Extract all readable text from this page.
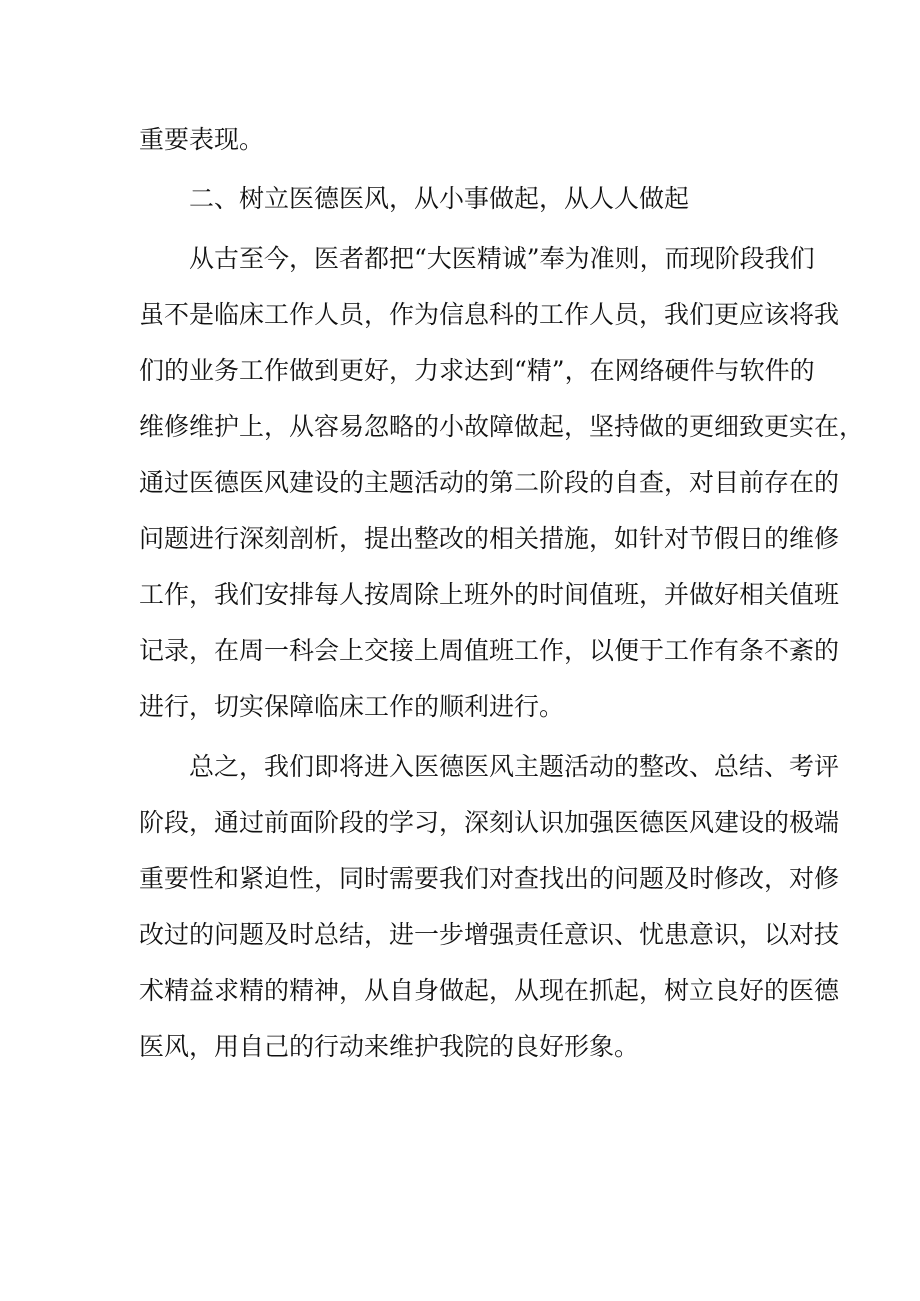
重要表现。
二、树立医德医风，从小事做起，从人人做起
从古至今，医者都把“大医精诚”奉为准则，而现阶段我们
虽不是临床工作人员，作为信息科的工作人员，我们更应该将我
们的业务工作做到更好，力求达到“精”，在网络硬件与软件的
维修维护上，从容易忽略的小故障做起，坚持做的更细致更实在，
通过医德医风建设的主题活动的第二阶段的自查，对目前存在的
问题进行深刻剖析，提出整改的相关措施，如针对节假日的维修
工作，我们安排每人按周除上班外的时间值班，并做好相关值班
记录，在周一科会上交接上周值班工作，以便于工作有条不紊的
进行，切实保障临床工作的顺利进行。
总之，我们即将进入医德医风主题活动的整改、总结、考评
阶段，通过前面阶段的学习，深刻认识加强医德医风建设的极端
重要性和紧迫性，同时需要我们对查找出的问题及时修改，对修
改过的问题及时总结，进一步增强责任意识、忧患意识，以对技
术精益求精的精神，从自身做起，从现在抓起，树立良好的医德
医风，用自己的行动来维护我院的良好形象。
